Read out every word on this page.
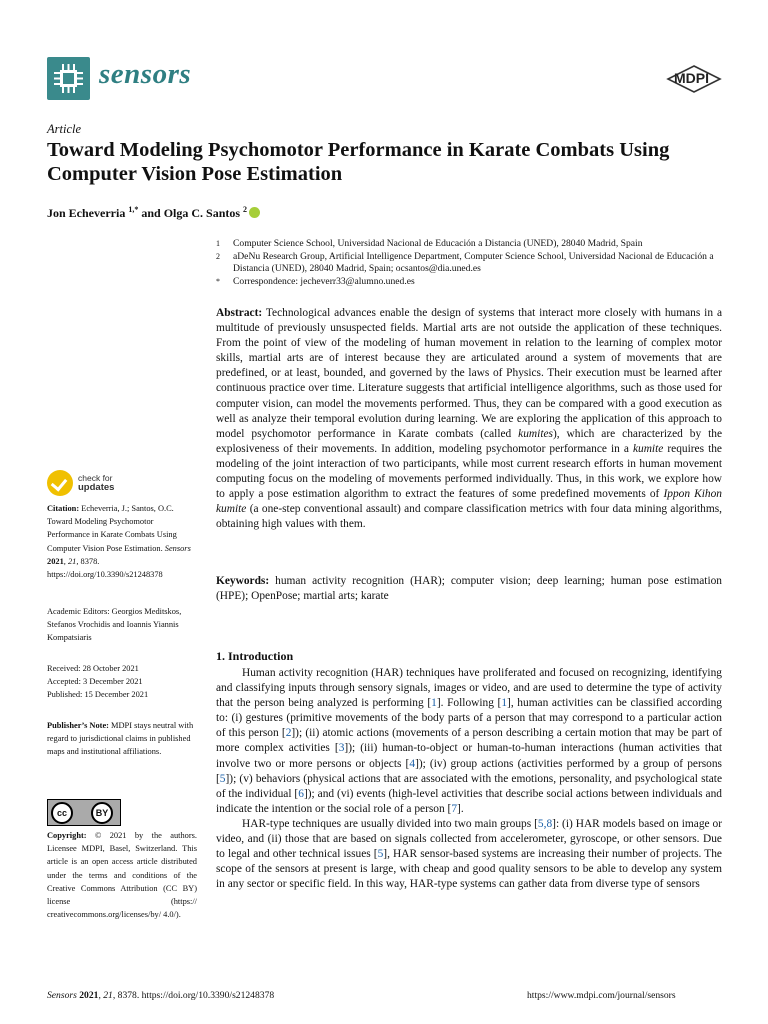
sensors	MDPI
Article
Toward Modeling Psychomotor Performance in Karate Combats Using Computer Vision Pose Estimation
Jon Echeverria $^{1,*}$ and Olga C. Santos $^2$
1	Computer Science School, Universidad Nacional de Educación a Distancia (UNED), 28040 Madrid, Spain
2	aDeNu Research Group, Artificial Intelligence Department, Computer Science School, Universidad Nacional de Educación a Distancia (UNED), 28040 Madrid, Spain; ocsantos@dia.uned.es
*	Correspondence: jecheverr33@alumno.uned.es
Abstract: Technological advances enable the design of systems that interact more closely with humans in a multitude of previously unsuspected fields. Martial arts are not outside the application of these techniques. From the point of view of the modeling of human movement in relation to the learning of complex motor skills, martial arts are of interest because they are articulated around a system of movements that are predefined, or at least, bounded, and governed by the laws of Physics. Their execution must be learned after continuous practice over time. Literature suggests that artificial intelligence algorithms, such as those used for computer vision, can model the movements performed. Thus, they can be compared with a good execution as well as analyze their temporal evolution during learning. We are exploring the application of this approach to model psychomotor performance in Karate combats (called kumites), which are characterized by the explosiveness of their movements. In addition, modeling psychomotor performance in a kumite requires the modeling of the joint interaction of two participants, while most current research efforts in human movement computing focus on the modeling of movements performed individually. Thus, in this work, we explore how to apply a pose estimation algorithm to extract the features of some predefined movements of Ippon Kihon kumite (a one-step conventional assault) and compare classification metrics with four data mining algorithms, obtaining high values with them.
Keywords: human activity recognition (HAR); computer vision; deep learning; human pose estimation (HPE); OpenPose; martial arts; karate
check for
updates
Citation: Echeverria, J.; Santos, O.C. Toward Modeling Psychomotor Performance in Karate Combats Using Computer Vision Pose Estimation. Sensors 2021, 21, 8378. https://doi.org/10.3390/s21248378
Academic Editors: Georgios Meditskos, Stefanos Vrochidis and Ioannis Yiannis Kompatsiaris
Received: 28 October 2021
Accepted: 3 December 2021
Published: 15 December 2021
Publisher’s Note: MDPI stays neutral with regard to jurisdictional claims in published maps and institutional affiliations.
cc	BY
Copyright: © 2021 by the authors. Licensee MDPI, Basel, Switzerland. This article is an open access article distributed under the terms and conditions of the Creative Commons Attribution (CC BY) license (https:// creativecommons.org/licenses/by/ 4.0/).
1. Introduction

Human activity recognition (HAR) techniques have proliferated and focused on recognizing, identifying and classifying inputs through sensory signals, images or video, and are used to determine the type of activity that the person being analyzed is performing [1]. Following [1], human activities can be classified according to: (i) gestures (primitive movements of the body parts of a person that may correspond to a particular action of this person [2]); (ii) atomic actions (movements of a person describing a certain motion that may be part of more complex activities [3]); (iii) human-to-object or human-to-human interactions (human activities that involve two or more persons or objects [4]); (iv) group actions (activities performed by a group of persons [5]); (v) behaviors (physical actions that are associated with the emotions, personality, and psychological state of the individual [6]); and (vi) events (high-level activities that describe social actions between individuals and indicate the intention or the social role of a person [7].

HAR-type techniques are usually divided into two main groups [5,8]: (i) HAR models based on image or video, and (ii) those that are based on signals collected from accelerometer, gyroscope, or other sensors. Due to legal and other technical issues [5], HAR sensor-based systems are increasing their number of projects. The scope of the sensors at present is large, with cheap and good quality sensors to be able to develop any system in any sector or specific field. In this way, HAR-type systems can gather data from diverse type of sensors

Sensors 2021, 21, 8378. https://doi.org/10.3390/s21248378	https://www.mdpi.com/journal/sensors
